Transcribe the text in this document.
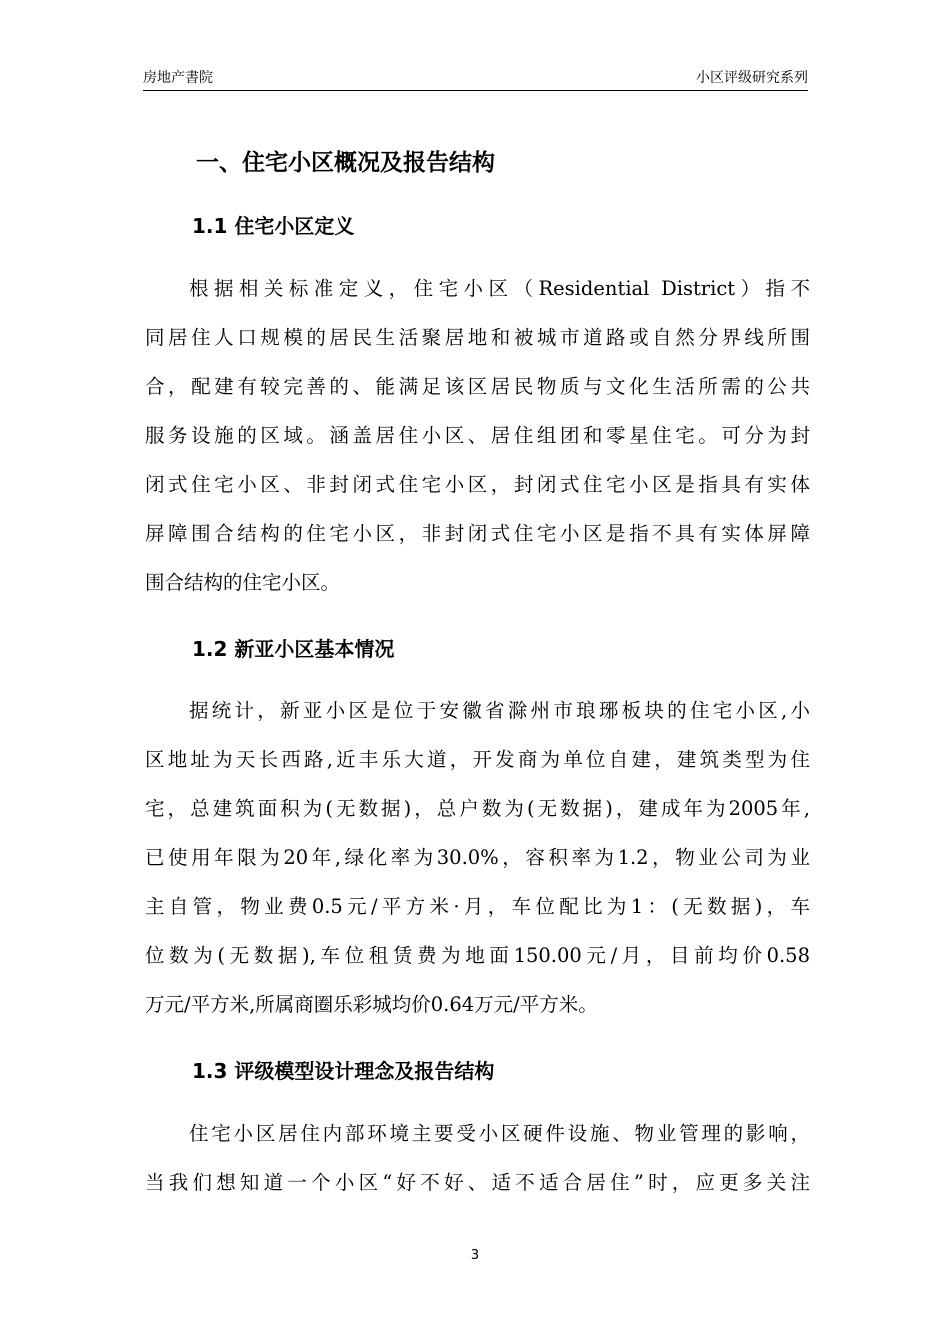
房地产書院	小区评级研究系列
一、住宅小区概况及报告结构
1.1 住宅小区定义
根据相关标准定义，住宅小区（Residential District）指不
同居住人口规模的居民生活聚居地和被城市道路或自然分界线所围
合，配建有较完善的、能满足该区居民物质与文化生活所需的公共
服务设施的区域。涵盖居住小区、居住组团和零星住宅。可分为封
闭式住宅小区、非封闭式住宅小区，封闭式住宅小区是指具有实体
屏障围合结构的住宅小区，非封闭式住宅小区是指不具有实体屏障
围合结构的住宅小区。
1.2 新亚小区基本情况
据统计，新亚小区是位于安徽省滁州市琅琊板块的住宅小区,小
区地址为天长西路,近丰乐大道，开发商为单位自建，建筑类型为住
宅，总建筑面积为(无数据)，总户数为(无数据)，建成年为2005年,
已使用年限为20年,绿化率为30.0%，容积率为1.2，物业公司为业
主自管，物业费0.5元/平方米·月，车位配比为1：(无数据)，车
位数为(无数据),车位租赁费为地面150.00元/月，目前均价0.58
万元/平方米,所属商圈乐彩城均价0.64万元/平方米。
1.3 评级模型设计理念及报告结构
住宅小区居住内部环境主要受小区硬件设施、物业管理的影响，
当我们想知道一个小区“好不好、适不适合居住”时，应更多关注
3
